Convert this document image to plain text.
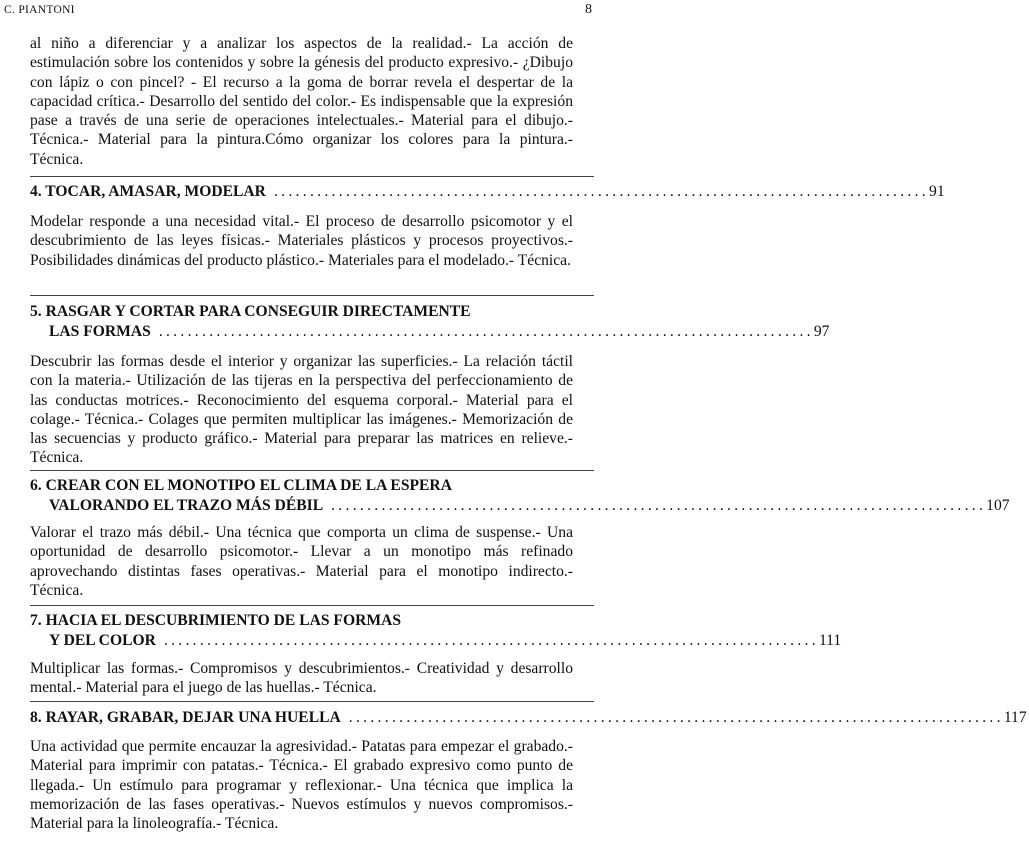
C. PIANTONI	8

al niño a diferenciar y a analizar los aspectos de la realidad.- La acción de estimulación sobre los contenidos y sobre la génesis del producto expresivo.- ¿Dibujo con lápiz o con pincel? - El recurso a la goma de borrar revela el despertar de la capacidad crítica.- Desarrollo del sentido del color.- Es indispensable que la expresión pase a través de una serie de operaciones intelectuales.- Material para el dibujo.- Técnica.- Material para la pintura.Cómo organizar los colores para la pintura.- Técnica.

4. TOCAR, AMASAR, MODELAR ........................................................................................... 91

Modelar responde a una necesidad vital.- El proceso de desarrollo psicomotor y el descubrimiento de las leyes físicas.- Materiales plásticos y procesos proyectivos.-Posibilidades dinámicas del producto plástico.- Materiales para el modelado.- Técnica.

5. RASGAR Y CORTAR PARA CONSEGUIR DIRECTAMENTE
LAS FORMAS ........................................................................................... 97

Descubrir las formas desde el interior y organizar las superficies.- La relación táctil con la materia.- Utilización de las tijeras en la perspectiva del perfeccionamiento de las conductas motrices.- Reconocimiento del esquema corporal.- Material para el colage.- Técnica.- Colages que permiten multiplicar las imágenes.- Memorización de las secuencias y producto gráfico.- Material para preparar las matrices en relieve.-Técnica.

6. CREAR CON EL MONOTIPO EL CLIMA DE LA ESPERA
VALORANDO EL TRAZO MÁS DÉBIL ........................................................................................... 107

Valorar el trazo más débil.- Una técnica que comporta un clima de suspense.- Una oportunidad de desarrollo psicomotor.- Llevar a un monotipo más refinado aprovechando distintas fases operativas.- Material para el monotipo indirecto.- Técnica.

7. HACIA EL DESCUBRIMIENTO DE LAS FORMAS
Y DEL COLOR ........................................................................................... 111

Multiplicar las formas.- Compromisos y descubrimientos.- Creatividad y desarrollo mental.- Material para el juego de las huellas.- Técnica.

8. RAYAR, GRABAR, DEJAR UNA HUELLA ........................................................................................... 117

Una actividad que permite encauzar la agresividad.- Patatas para empezar el grabado.- Material para imprimir con patatas.- Técnica.- El grabado expresivo como punto de llegada.- Un estímulo para programar y reflexionar.- Una técnica que implica la memorización de las fases operativas.- Nuevos estímulos y nuevos compromisos.- Material para la linoleografía.- Técnica.
